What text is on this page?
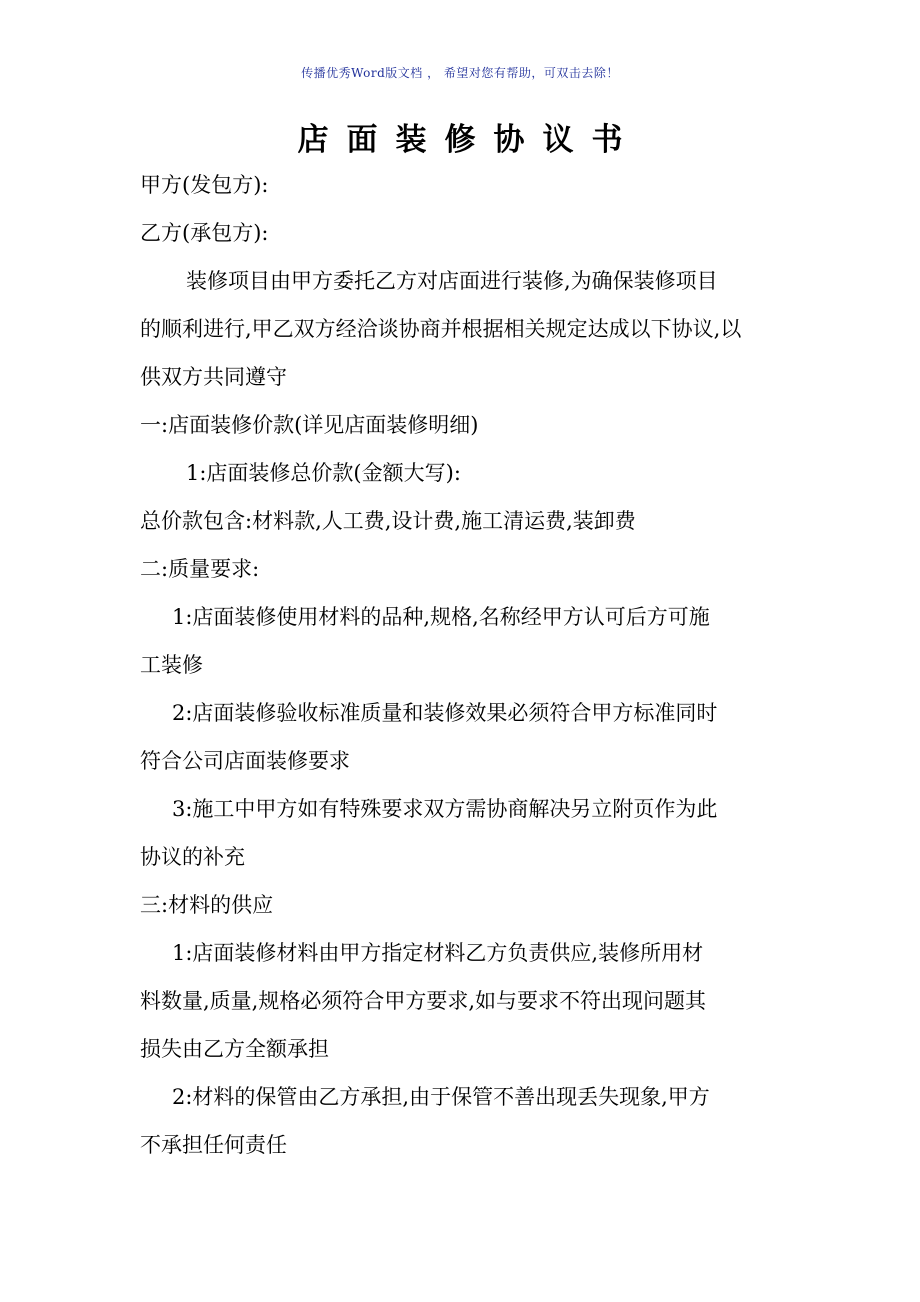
传播优秀Word版文档 ， 希望对您有帮助，可双击去除！
店面装修协议书
甲方(发包方):
乙方(承包方):
装修项目由甲方委托乙方对店面进行装修,为确保装修项目
的顺利进行,甲乙双方经洽谈协商并根据相关规定达成以下协议,以
供双方共同遵守
一:店面装修价款(详见店面装修明细)
1:店面装修总价款(金额大写):
总价款包含:材料款,人工费,设计费,施工清运费,装卸费
二:质量要求:
1:店面装修使用材料的品种,规格,名称经甲方认可后方可施
工装修
2:店面装修验收标准质量和装修效果必须符合甲方标准同时
符合公司店面装修要求
3:施工中甲方如有特殊要求双方需协商解决另立附页作为此
协议的补充
三:材料的供应
1:店面装修材料由甲方指定材料乙方负责供应,装修所用材
料数量,质量,规格必须符合甲方要求,如与要求不符出现问题其
损失由乙方全额承担
2:材料的保管由乙方承担,由于保管不善出现丢失现象,甲方
不承担任何责任
